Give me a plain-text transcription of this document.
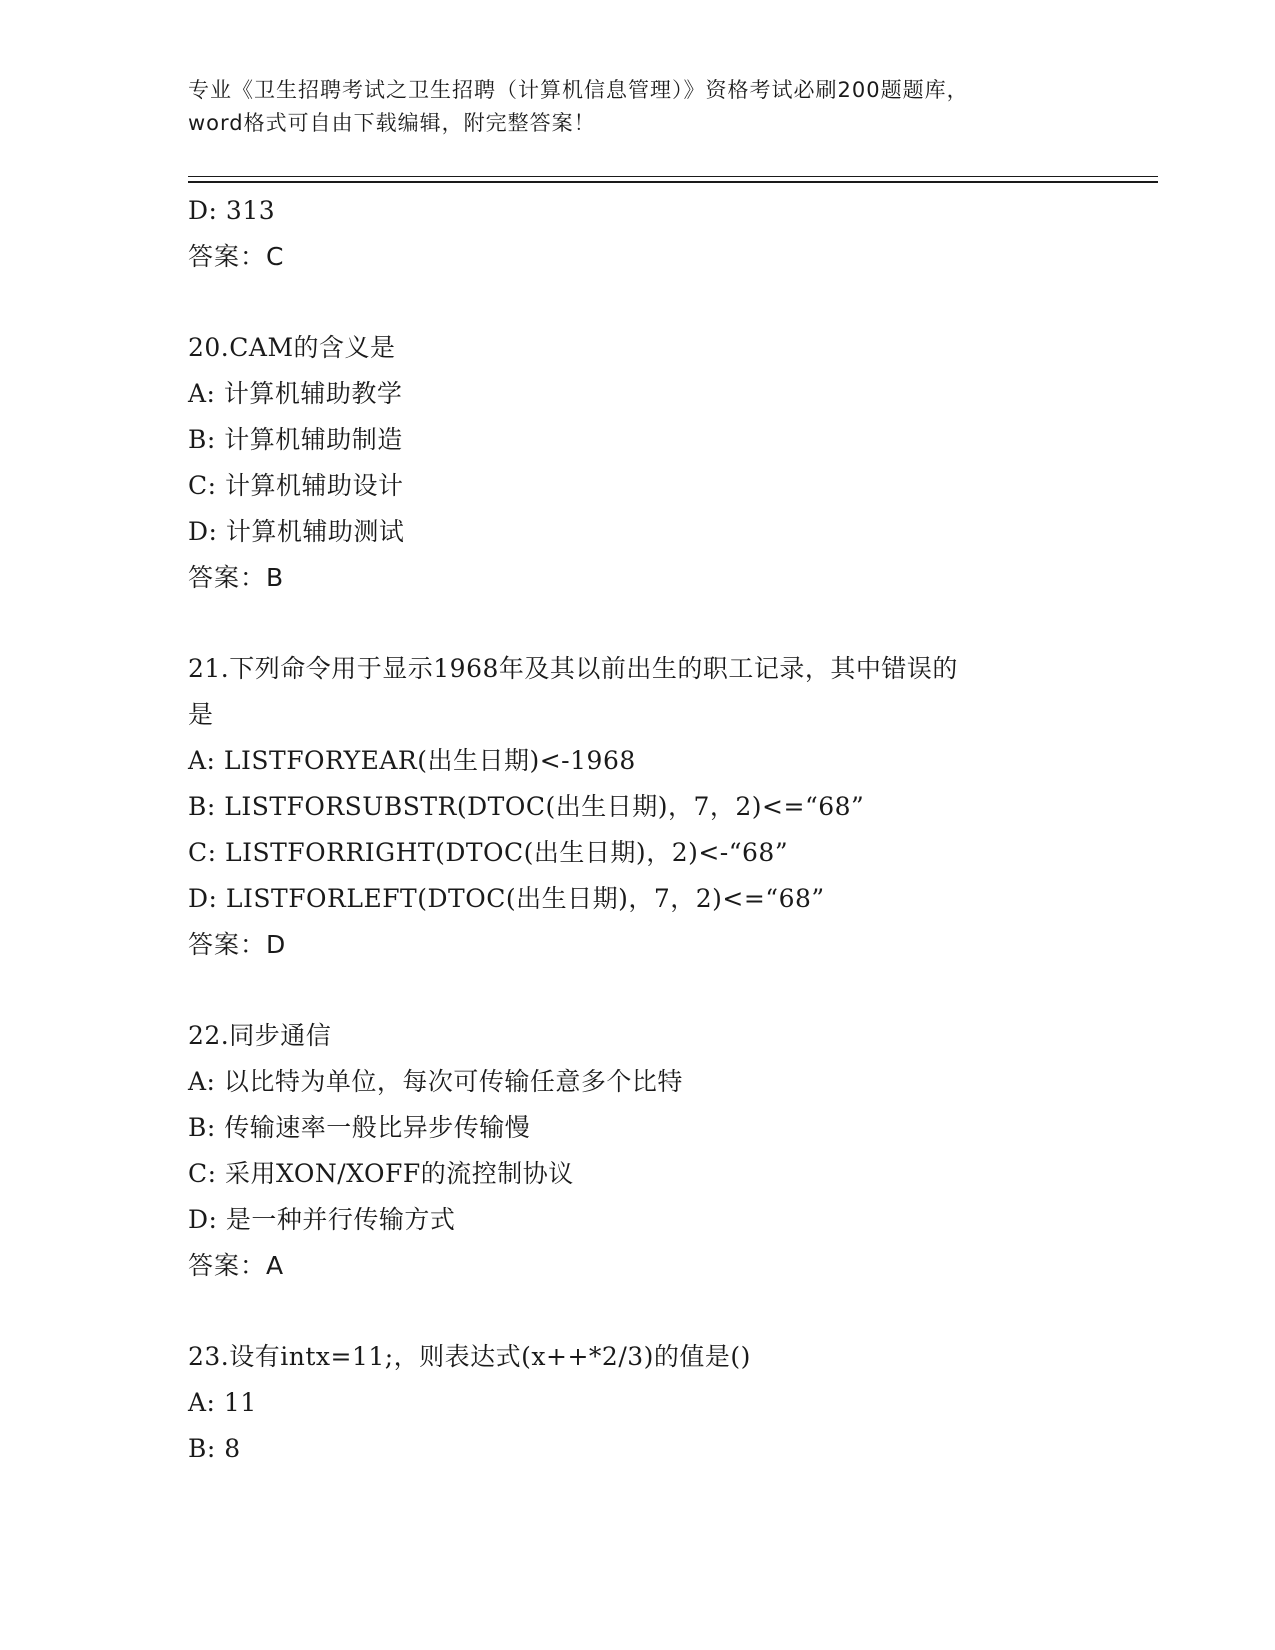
专业《卫生招聘考试之卫生招聘（计算机信息管理）》资格考试必刷200题题库，
word格式可自由下载编辑，附完整答案！
D: 313
答案：C
20.CAM的含义是
A: 计算机辅助教学
B: 计算机辅助制造
C: 计算机辅助设计
D: 计算机辅助测试
答案：B
21.下列命令用于显示1968年及其以前出生的职工记录，其中错误的
是
A: LISTFORYEAR(出生日期)<-1968
B: LISTFORSUBSTR(DTOC(出生日期)，7，2)<=“68”
C: LISTFORRIGHT(DTOC(出生日期)，2)<-“68”
D: LISTFORLEFT(DTOC(出生日期)，7，2)<=“68”
答案：D
22.同步通信
A: 以比特为单位，每次可传输任意多个比特
B: 传输速率一般比异步传输慢
C: 采用XON/XOFF的流控制协议
D: 是一种并行传输方式
答案：A
23.设有intx=11;，则表达式(x++*2/3)的值是()
A: 11
B: 8
